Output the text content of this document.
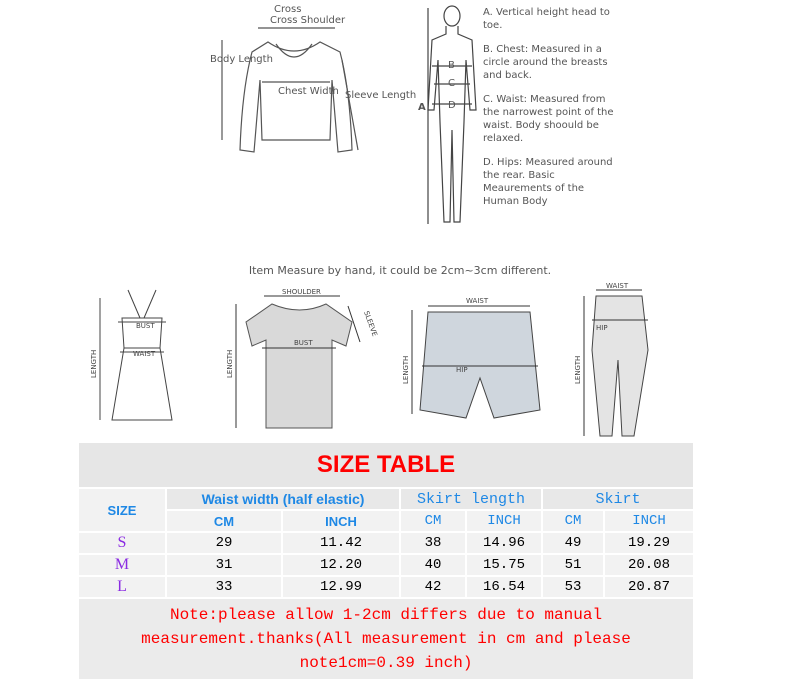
Cross
Cross Shoulder
Body Length
Chest Width Sleeve Length
A
B
C
D
BUST
WAIST
LENGTH
SHOULDER
BUST
SLEEVE
LENGTH
WAIST
HIP
LENGTH
WAIST
HIP
LENGTH
A. Vertical height head to toe.
B. Chest: Measured in a circle around the breasts and back.
C. Waist: Measured from the narrowest point of the waist. Body shoould be relaxed.
D. Hips: Measured around the rear. Basic Meaurements of the Human Body
Item Measure by hand, it could be 2cm~3cm different.
SIZE TABLE						
SIZE	Waist width (half elastic)		Skirt length		Skirt	
	CM	INCH	CM	INCH	CM	INCH
S	29	11.42	38	14.96	49	19.29
M	31	12.20	40	15.75	51	20.08
L	33	12.99	42	16.54	53	20.87
Note:please allow 1-2cm differs due to manual measurement.thanks(All measurement in cm and please note1cm=0.39 inch)						
